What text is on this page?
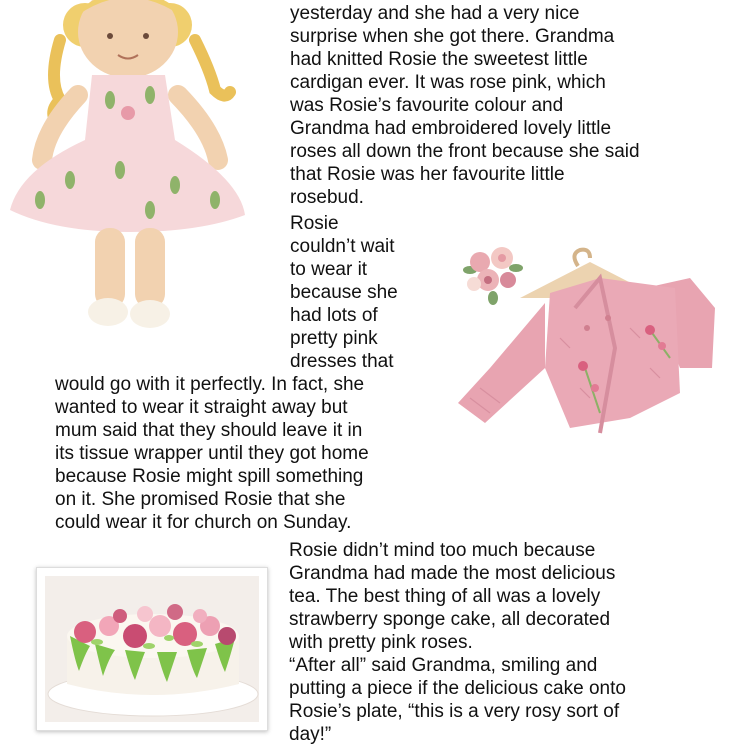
yesterday and she had a very nice
surprise when she got there. Grandma
had knitted Rosie the sweetest little
cardigan ever. It was rose pink, which
was Rosie’s favourite colour and
Grandma had embroidered lovely little
roses all down the front because she said
that Rosie was her favourite little
rosebud.
Rosie
couldn’t wait
to wear it
because she
had lots of
pretty pink
dresses that
would go with it perfectly. In fact, she
wanted to wear it straight away but
mum said that they should leave it in
its tissue wrapper until they got home
because Rosie might spill something
on it. She promised Rosie that she
could wear it for church on Sunday.
Rosie didn’t mind too much because
Grandma had made the most delicious
tea. The best thing of all was a lovely
strawberry sponge cake, all decorated
with pretty pink roses.
“After all” said Grandma, smiling and
putting a piece if the delicious cake onto
Rosie’s plate, “this is a very rosy sort of
day!”
